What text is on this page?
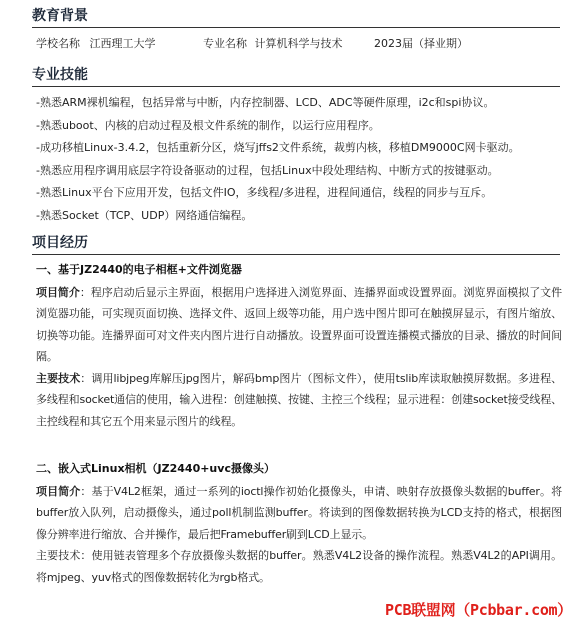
教育背景
学校名称 江西理工大学	专业名称 计算机科学与技术	2023届（择业期）
专业技能
-熟悉ARM裸机编程，包括异常与中断，内存控制器、LCD、ADC等硬件原理，i2c和spi协议。
-熟悉uboot、内核的启动过程及根文件系统的制作，以运行应用程序。
-成功移植Linux-3.4.2，包括重新分区，烧写jffs2文件系统，裁剪内核，移植DM9000C网卡驱动。
-熟悉应用程序调用底层字符设备驱动的过程，包括Linux中段处理结构、中断方式的按键驱动。
-熟悉Linux平台下应用开发，包括文件IO，多线程/多进程，进程间通信，线程的同步与互斥。
-熟悉Socket（TCP、UDP）网络通信编程。
项目经历
一、基于JZ2440的电子相框+文件浏览器
项目简介：程序启动后显示主界面，根据用户选择进入浏览界面、连播界面或设置界面。浏览界面模拟了文件浏览器功能，可实现页面切换、选择文件、返回上级等功能，用户选中图片即可在触摸屏显示，有图片缩放、切换等功能。连播界面可对文件夹内图片进行自动播放。设置界面可设置连播模式播放的目录、播放的时间间隔。
主要技术：调用libjpeg库解压jpg图片，解码bmp图片（图标文件），使用tslib库读取触摸屏数据。多进程、多线程和socket通信的使用，输入进程：创建触摸、按键、主控三个线程；显示进程：创建socket接受线程、主控线程和其它五个用来显示图片的线程。
二、嵌入式Linux相机（JZ2440+uvc摄像头）
项目简介：基于V4L2框架，通过一系列的ioctl操作初始化摄像头，申请、映射存放摄像头数据的buffer。将buffer放入队列，启动摄像头，通过poll机制监测buffer。将读到的图像数据转换为LCD支持的格式，根据图像分辨率进行缩放、合并操作，最后把Framebuffer刷到LCD上显示。
主要技术：使用链表管理多个存放摄像头数据的buffer。熟悉V4L2设备的操作流程。熟悉V4L2的API调用。将mjpeg、yuv格式的图像数据转化为rgb格式。
PCB联盟网（Pcbbar.com）
